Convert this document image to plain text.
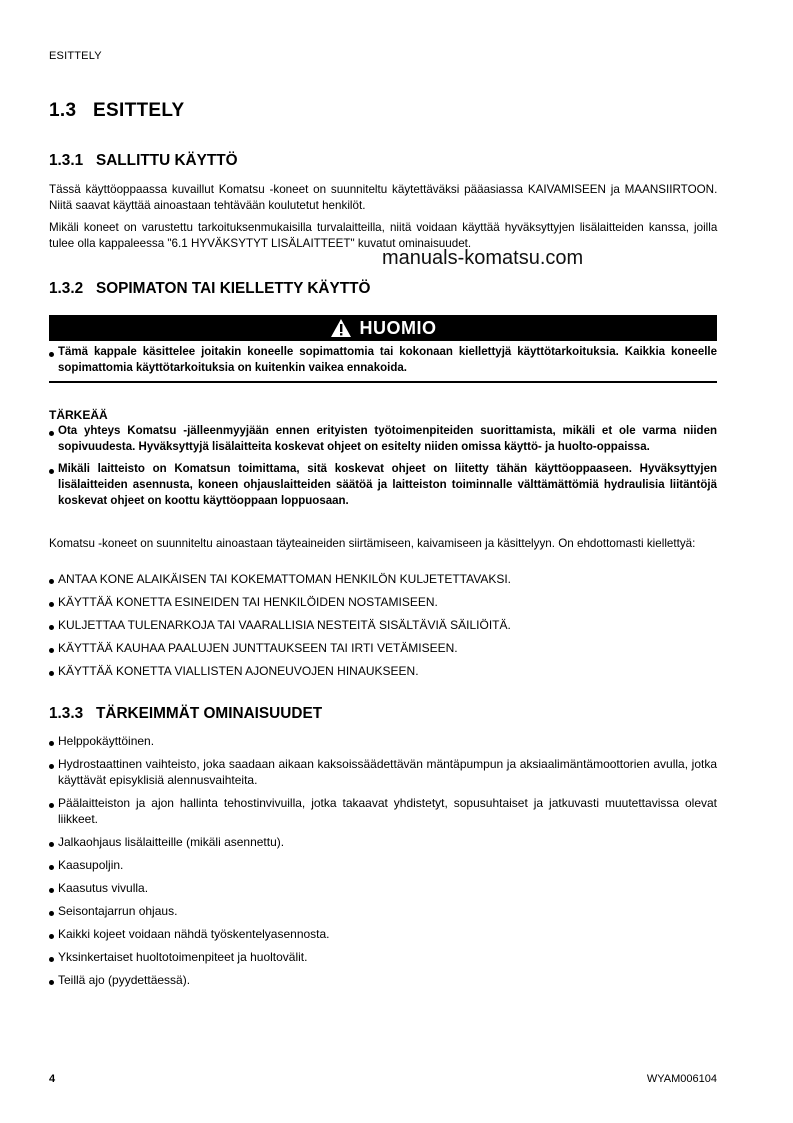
ESITTELY
1.3   ESITTELY
1.3.1   SALLITTU KÄYTTÖ
Tässä käyttöoppaassa kuvaillut Komatsu -koneet on suunniteltu käytettäväksi pääasiassa KAIVAMISEEN ja MAANSIIRTOON. Niitä saavat käyttää ainoastaan tehtävään koulutetut henkilöt.
Mikäli koneet on varustettu tarkoituksenmukaisilla turvalaitteilla, niitä voidaan käyttää hyväksyttyjen lisälaitteiden kanssa, joilla tulee olla kappaleessa "6.1 HYVÄKSYTYT LISÄLAITTEET" kuvatut ominaisuudet.
manuals-komatsu.com
1.3.2   SOPIMATON TAI KIELLETTY KÄYTTÖ
HUOMIO
Tämä kappale käsittelee joitakin koneelle sopimattomia tai kokonaan kiellettyjä käyttötarkoituksia. Kaikkia koneelle sopimattomia käyttötarkoituksia on kuitenkin vaikea ennakoida.
TÄRKEÄÄ
Ota yhteys Komatsu -jälleenmyyjään ennen erityisten työtoimenpiteiden suorittamista, mikäli et ole varma niiden sopivuudesta. Hyväksyttyjä lisälaitteita koskevat ohjeet on esitelty niiden omissa käyttö- ja huolto-oppaissa.
Mikäli laitteisto on Komatsun toimittama, sitä koskevat ohjeet on liitetty tähän käyttöoppaaseen. Hyväksyttyjen lisälaitteiden asennusta, koneen ohjauslaitteiden säätöä ja laitteiston toiminnalle välttämättömiä hydraulisia liitäntöjä koskevat ohjeet on koottu käyttöoppaan loppuosaan.
Komatsu -koneet on suunniteltu ainoastaan täyteaineiden siirtämiseen, kaivamiseen ja käsittelyyn. On ehdottomasti kiellettyä:
ANTAA KONE ALAIKÄISEN TAI KOKEMATTOMAN HENKILÖN KULJETETTAVAKSI.
KÄYTTÄÄ KONETTA ESINEIDEN TAI HENKILÖIDEN NOSTAMISEEN.
KULJETTAA TULENARKOJA TAI VAARALLISIA NESTEITÄ SISÄLTÄVIÄ SÄILIÖITÄ.
KÄYTTÄÄ KAUHAA PAALUJEN JUNTTAUKSEEN TAI IRTI VETÄMISEEN.
KÄYTTÄÄ KONETTA VIALLISTEN AJONEUVOJEN HINAUKSEEN.
1.3.3   TÄRKEIMMÄT OMINAISUUDET
Helppokäyttöinen.
Hydrostaattinen vaihteisto, joka saadaan aikaan kaksoissäädettävän mäntäpumpun ja aksiaalimäntämoottorien avulla, jotka käyttävät episyklisiä alennusvaihteita.
Päälaitteiston ja ajon hallinta tehostinvivuilla, jotka takaavat yhdistetyt, sopusuhtaiset ja jatkuvasti muutettavissa olevat liikkeet.
Jalkaohjaus lisälaitteille (mikäli asennettu).
Kaasupoljin.
Kaasutus vivulla.
Seisontajarrun ohjaus.
Kaikki kojeet voidaan nähdä työskentelyasennosta.
Yksinkertaiset huoltotoimenpiteet ja huoltovälit.
Teillä ajo (pyydettäessä).
4	WYAM006104
